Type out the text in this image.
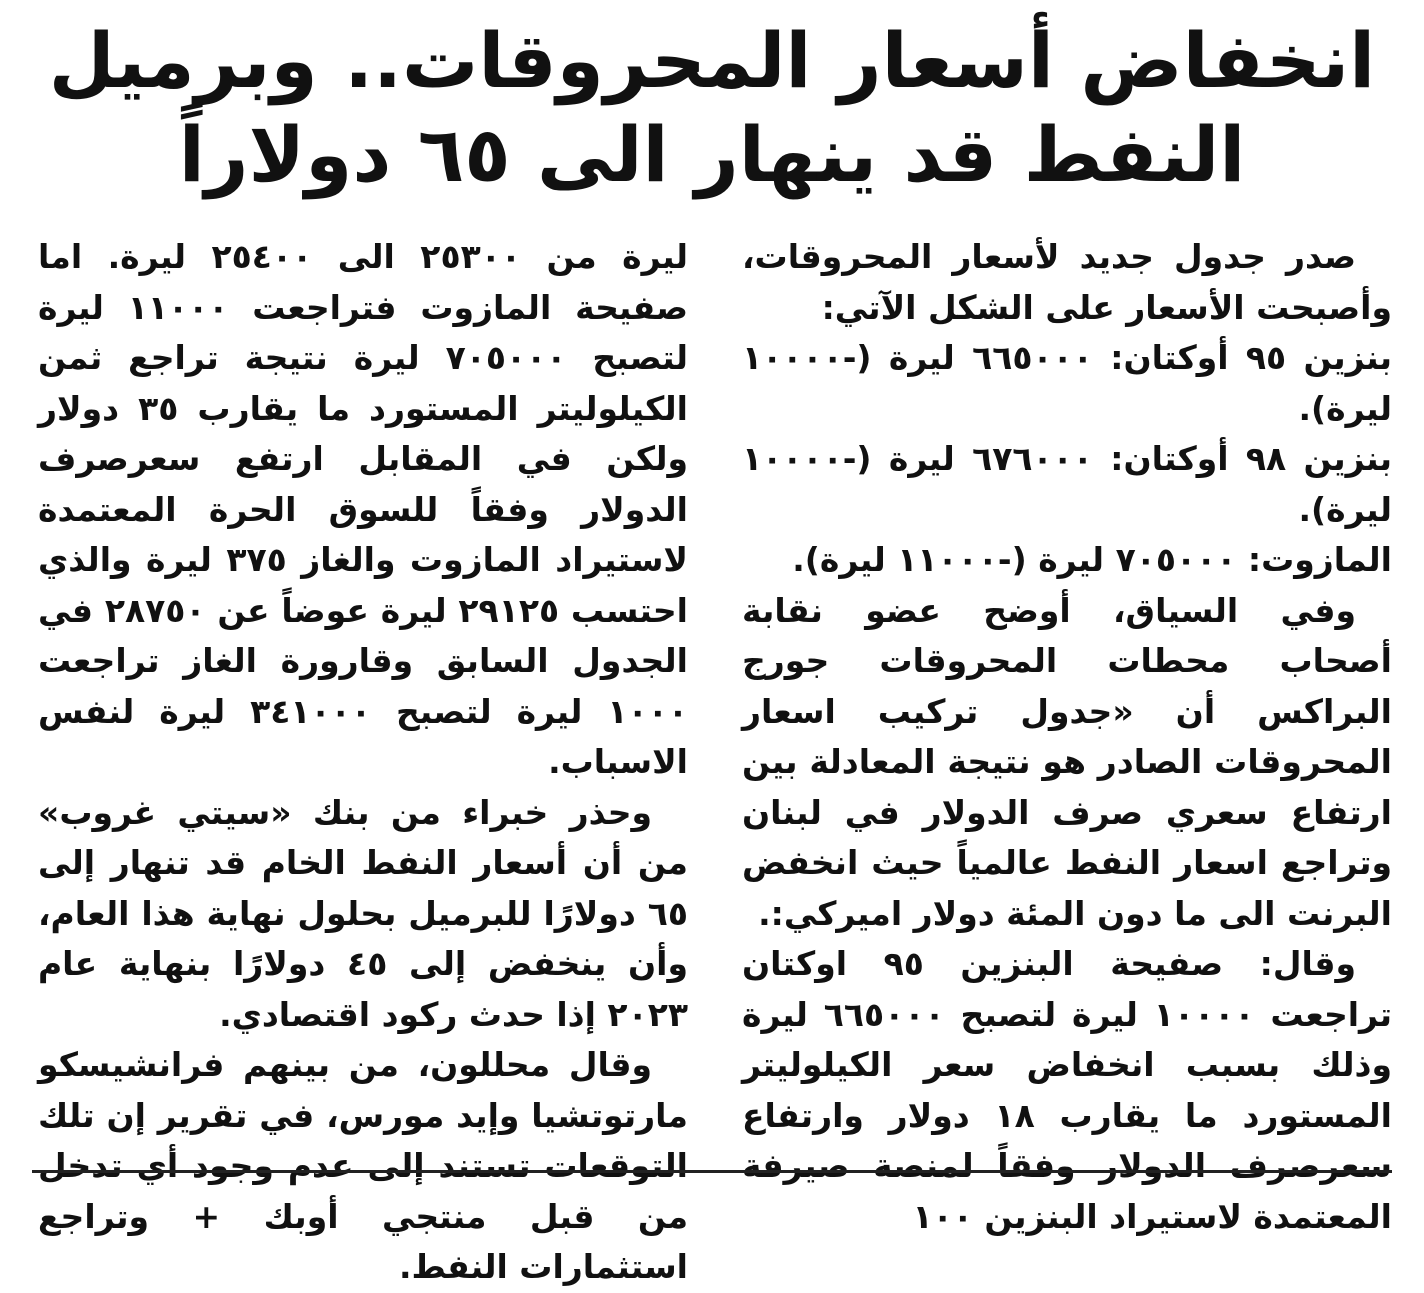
انخفاض أسعار المحروقات.. وبرميل
النفط قد ينهار الى ٦٥ دولاراً

صدر جدول جديد لأسعار المحروقات، وأصبحت الأسعار على الشكل الآتي:

بنزين ٩٥ أوكتان: ٦٦٥٠٠٠ ليرة (-١٠٠٠٠ ليرة).

بنزين ٩٨ أوكتان: ٦٧٦٠٠٠ ليرة (-١٠٠٠٠ ليرة).

المازوت: ٧٠٥٠٠٠ ليرة (-١١٠٠٠ ليرة).

وفي السياق، أوضح عضو نقابة أصحاب محطات المحروقات جورج البراكس أن «جدول تركيب اسعار المحروقات الصادر هو نتيجة المعادلة بين ارتفاع سعري صرف الدولار في لبنان وتراجع اسعار النفط عالمياً حيث انخفض البرنت الى ما دون المئة دولار اميركي:.

وقال: صفيحة البنزين ٩٥ اوكتان تراجعت ١٠٠٠٠ ليرة لتصبح ٦٦٥٠٠٠ ليرة وذلك بسبب انخفاض سعر الكيلوليتر المستورد ما يقارب ١٨ دولار وارتفاع سعرصرف الدولار وفقاً لمنصة صيرفة المعتمدة لاستيراد البنزين ١٠٠

ليرة من ٢٥٣٠٠ الى ٢٥٤٠٠ ليرة. اما صفيحة المازوت فتراجعت ١١٠٠٠ ليرة لتصبح ٧٠٥٠٠٠ ليرة نتيجة تراجع ثمن الكيلوليتر المستورد ما يقارب ٣٥ دولار ولكن في المقابل ارتفع سعرصرف الدولار وفقاً للسوق الحرة المعتمدة لاستيراد المازوت والغاز ٣٧٥ ليرة والذي احتسب ٢٩١٢٥ ليرة عوضاً عن ٢٨٧٥٠ في الجدول السابق وقارورة الغاز تراجعت ١٠٠٠ ليرة لتصبح ٣٤١٠٠٠ ليرة لنفس الاسباب.

وحذر خبراء من بنك «سيتي غروب» من أن أسعار النفط الخام قد تنهار إلى ٦٥ دولارًا للبرميل بحلول نهاية هذا العام، وأن ينخفض إلى ٤٥ دولارًا بنهاية عام ٢٠٢٣ إذا حدث ركود اقتصادي.

وقال محللون، من بينهم فرانشيسكو مارتوتشيا وإيد مورس، في تقرير إن تلك التوقعات تستند إلى عدم وجود أي تدخل من قبل منتجي أوبك + وتراجع استثمارات النفط.
